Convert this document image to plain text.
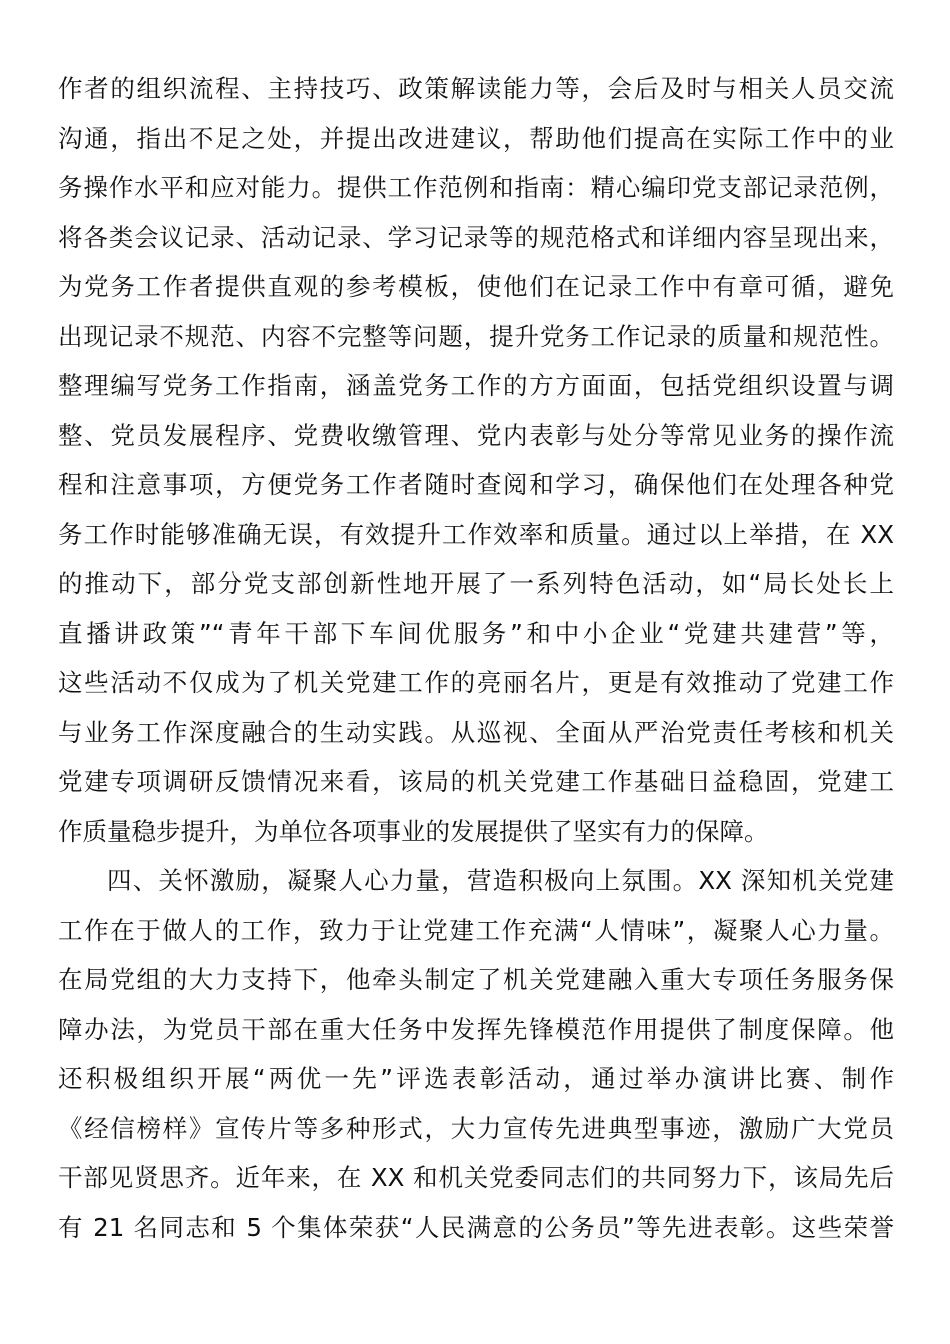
作者的组织流程、主持技巧、政策解读能力等，会后及时与相关人员交流
沟通，指出不足之处，并提出改进建议，帮助他们提高在实际工作中的业
务操作水平和应对能力。提供工作范例和指南：精心编印党支部记录范例，
将各类会议记录、活动记录、学习记录等的规范格式和详细内容呈现出来，
为党务工作者提供直观的参考模板，使他们在记录工作中有章可循，避免
出现记录不规范、内容不完整等问题，提升党务工作记录的质量和规范性。
整理编写党务工作指南，涵盖党务工作的方方面面，包括党组织设置与调
整、党员发展程序、党费收缴管理、党内表彰与处分等常见业务的操作流
程和注意事项，方便党务工作者随时查阅和学习，确保他们在处理各种党
务工作时能够准确无误，有效提升工作效率和质量。通过以上举措，在 XX
的推动下，部分党支部创新性地开展了一系列特色活动，如“局长处长上
直播讲政策”“青年干部下车间优服务”和中小企业“党建共建营”等，
这些活动不仅成为了机关党建工作的亮丽名片，更是有效推动了党建工作
与业务工作深度融合的生动实践。从巡视、全面从严治党责任考核和机关
党建专项调研反馈情况来看，该局的机关党建工作基础日益稳固，党建工
作质量稳步提升，为单位各项事业的发展提供了坚实有力的保障。
四、关怀激励，凝聚人心力量，营造积极向上氛围。XX 深知机关党建
工作在于做人的工作，致力于让党建工作充满“人情味”，凝聚人心力量。
在局党组的大力支持下，他牵头制定了机关党建融入重大专项任务服务保
障办法，为党员干部在重大任务中发挥先锋模范作用提供了制度保障。他
还积极组织开展“两优一先”评选表彰活动，通过举办演讲比赛、制作
《经信榜样》宣传片等多种形式，大力宣传先进典型事迹，激励广大党员
干部见贤思齐。近年来，在 XX 和机关党委同志们的共同努力下，该局先后
有 21 名同志和 5 个集体荣获“人民满意的公务员”等先进表彰。这些荣誉
